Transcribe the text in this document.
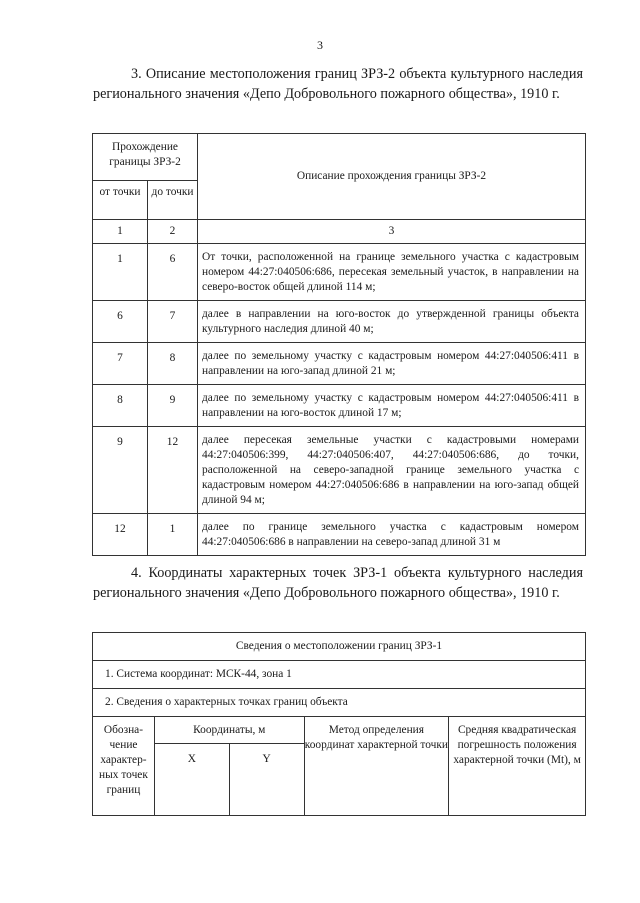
3
3. Описание местоположения границ ЗРЗ-2 объекта культурного наследия регионального значения «Депо Добровольного пожарного общества», 1910 г.
Прохождение границы ЗРЗ-2		Описание прохождения границы ЗРЗ-2
от точки	до точки	
1	2	3
1	6	От точки, расположенной на границе земельного участка с кадастровым номером 44:27:040506:686, пересекая земельный участок, в направлении на северо-восток общей длиной 114 м;
6	7	далее в направлении на юго-восток до утвержденной границы объекта культурного наследия длиной 40 м;
7	8	далее по земельному участку с кадастровым номером 44:27:040506:411 в направлении на юго-запад длиной 21 м;
8	9	далее по земельному участку с кадастровым номером 44:27:040506:411 в направлении на юго-восток длиной 17 м;
9	12	далее пересекая земельные участки с кадастровыми номерами 44:27:040506:399, 44:27:040506:407, 44:27:040506:686, до точки, расположенной на северо-западной границе земельного участка с кадастровым номером 44:27:040506:686 в направлении на юго-запад общей длиной 94 м;
12	1	далее по границе земельного участка с кадастровым номером 44:27:040506:686 в направлении на северо-запад длиной 31 м
4. Координаты характерных точек ЗРЗ-1 объекта культурного наследия регионального значения «Депо Добровольного пожарного общества», 1910 г.
Сведения о местоположении границ ЗРЗ-1				
1. Система координат: МСК-44, зона 1				
2. Сведения о характерных точках границ объекта				
Обозна-чение характер-ных точек границ	Координаты, м		Метод определения координат характерной точки	Средняя квадратическая погрешность положения характерной точки (Mt), м
	X	Y		
